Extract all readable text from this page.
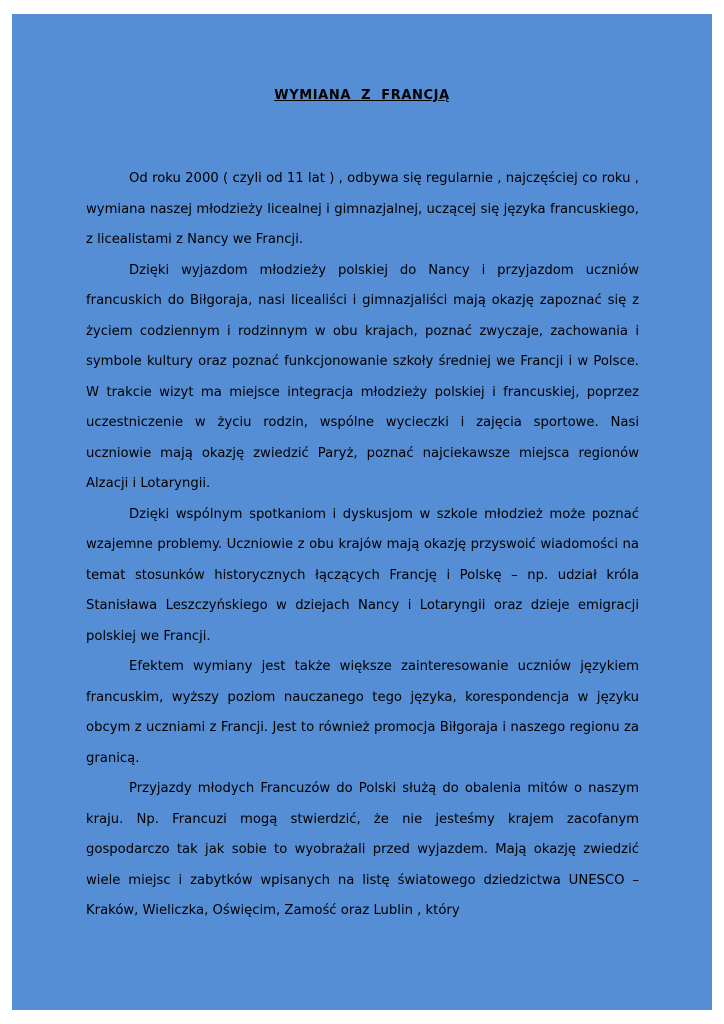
WYMIANA Z FRANCJĄ

Od roku 2000 ( czyli od 11 lat ) , odbywa się regularnie , najczęściej co roku , wymiana naszej młodzieży licealnej i gimnazjalnej, uczącej się języka francuskiego, z licealistami z Nancy we Francji.

Dzięki wyjazdom młodzieży polskiej do Nancy i przyjazdom uczniów francuskich do Biłgoraja, nasi licealiści i gimnazjaliści mają okazję zapoznać się z życiem codziennym i rodzinnym w obu krajach, poznać zwyczaje, zachowania i symbole kultury oraz poznać funkcjonowanie szkoły średniej we Francji i w Polsce. W trakcie wizyt ma miejsce integracja młodzieży polskiej i francuskiej, poprzez uczestniczenie w życiu rodzin, wspólne wycieczki i zajęcia sportowe. Nasi uczniowie mają okazję zwiedzić Paryż, poznać najciekawsze miejsca regionów Alzacji i Lotaryngii.

Dzięki wspólnym spotkaniom i dyskusjom w szkole młodzież może poznać wzajemne problemy. Uczniowie z obu krajów mają okazję przyswoić wiadomości na temat stosunków historycznych łączących Francję i Polskę – np. udział króla Stanisława Leszczyńskiego w dziejach Nancy i Lotaryngii oraz dzieje emigracji polskiej we Francji.

Efektem wymiany jest także większe zainteresowanie uczniów językiem francuskim, wyższy poziom nauczanego tego języka, korespondencja w języku obcym z uczniami z Francji. Jest to również promocja Biłgoraja i naszego regionu za granicą.

Przyjazdy młodych Francuzów do Polski służą do obalenia mitów o naszym kraju. Np. Francuzi mogą stwierdzić, że nie jesteśmy krajem zacofanym gospodarczo tak jak sobie to wyobrażali przed wyjazdem. Mają okazję zwiedzić wiele miejsc i zabytków wpisanych na listę światowego dziedzictwa UNESCO – Kraków, Wieliczka, Oświęcim, Zamość oraz Lublin , który
